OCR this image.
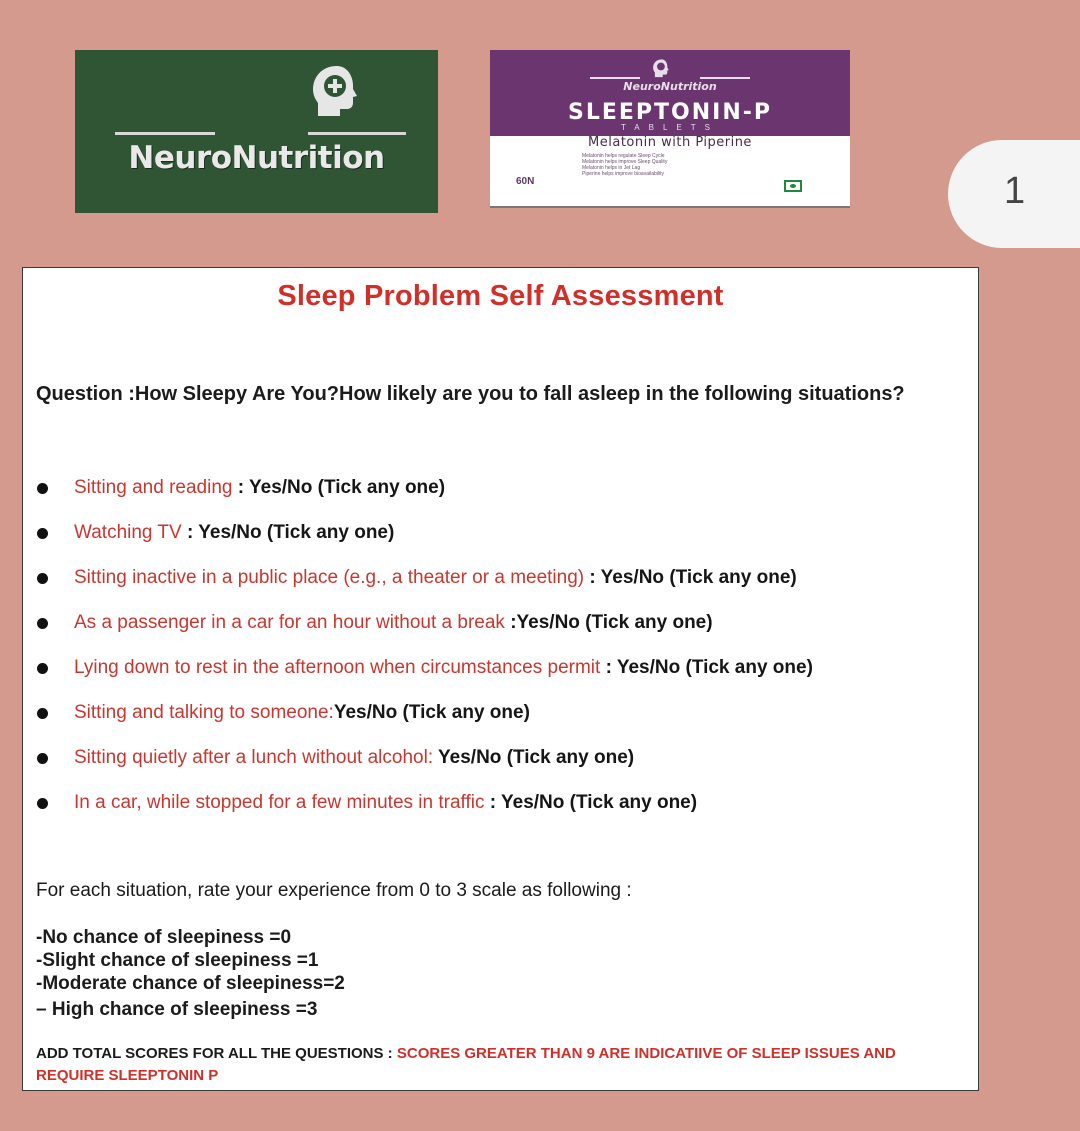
NeuroNutrition
NeuroNutrition
SLEEPTONIN-P
TABLETS
Melatonin with Piperine
Melatonin helps regulate Sleep Cycle
Melatonin helps improve Sleep Quality
Melatonin helps in Jet Lag
Piperine helps improve bioavailability
60N	1
Sleep Problem Self Assessment
Question :How Sleepy Are You?How likely are you to fall asleep in the following situations?
Sitting and reading : Yes/No (Tick any one)
Watching TV : Yes/No (Tick any one)
Sitting inactive in a public place (e.g., a theater or a meeting) : Yes/No (Tick any one)
As a passenger in a car for an hour without a break :Yes/No (Tick any one)
Lying down to rest in the afternoon when circumstances permit : Yes/No (Tick any one)
Sitting and talking to someone:Yes/No (Tick any one)
Sitting quietly after a lunch without alcohol: Yes/No (Tick any one)
In a car, while stopped for a few minutes in traffic : Yes/No (Tick any one)
For each situation, rate your experience from 0 to 3 scale as following :
-No chance of sleepiness =0
-Slight chance of sleepiness =1
-Moderate chance of sleepiness=2
– High chance of sleepiness =3
ADD TOTAL SCORES FOR ALL THE QUESTIONS : SCORES GREATER THAN 9 ARE INDICATIIVE OF SLEEP ISSUES AND REQUIRE SLEEPTONIN P
